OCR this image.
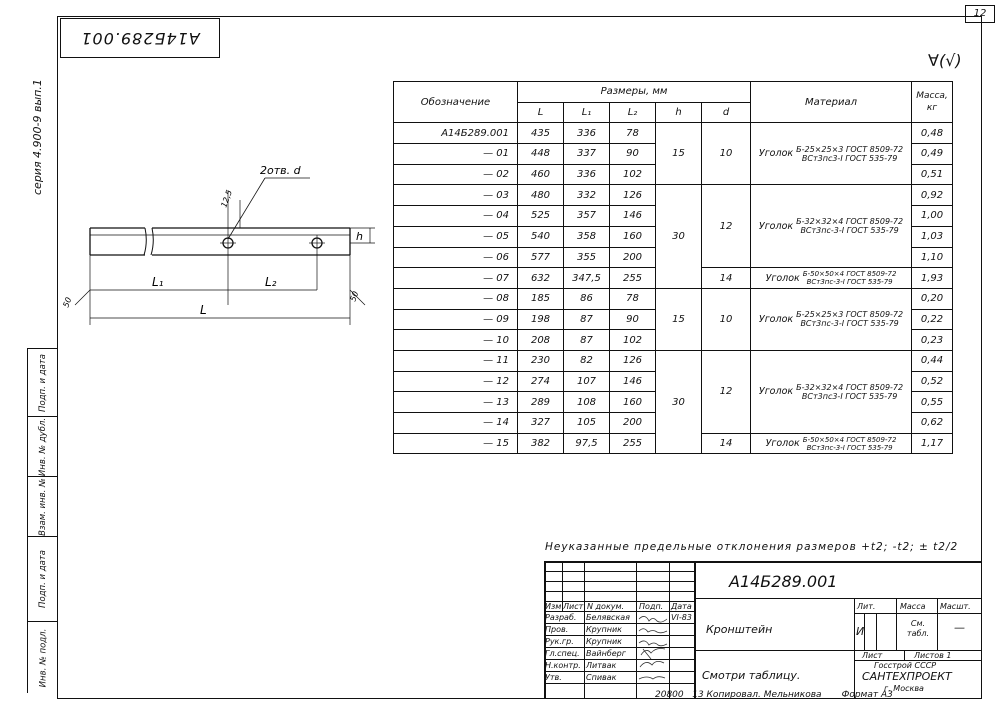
12
А14Б289.001
серия 4.900-9 вып.1
Подп. и дата
Инв. № дубл.
Взам. инв. №
Подп. и дата
Инв. № подл.
∀(√)
2отв. d
12,5
h
L₁	L₂
L
50	50
Обозначение	Размеры, мм					Материал	Масса, кг
	L	L₁	L₂	h	d		
А14Б289.001	435	336	78	15	10	Уголок Б-25×25×3 ГОСТ 8509-72
ВСт3пс3-I ГОСТ 535-79	0,48
— 01	448	337	90				0,49
— 02	460	336	102				0,51
— 03	480	332	126	30	12	Уголок Б-32×32×4 ГОСТ 8509-72
ВСт3пс-3-I ГОСТ 535-79	0,92
— 04	525	357	146				1,00
— 05	540	358	160				1,03
— 06	577	355	200				1,10
— 07	632	347,5	255		14	Уголок Б-50×50×4 ГОСТ 8509-72
ВСт3пс-3-I ГОСТ 535-79	1,93
— 08	185	86	78	15	10	Уголок Б-25×25×3 ГОСТ 8509-72
ВСт3пс-3-I ГОСТ 535-79	0,20
— 09	198	87	90				0,22
— 10	208	87	102				0,23
— 11	230	82	126	30	12	Уголок Б-32×32×4 ГОСТ 8509-72
ВСт3пс3-I ГОСТ 535-79	0,44
— 12	274	107	146				0,52
— 13	289	108	160				0,55
— 14	327	105	200				0,62
— 15	382	97,5	255		14	Уголок Б-50×50×4 ГОСТ 8509-72
ВСт3пс-3-I ГОСТ 535-79	1,17
Неуказанные предельные отклонения размеров +t2; -t2; ± t2/2
Изм Лист N докум. Подп. Дата
Разраб.
Пров.
Рук.гр.
Гл.спец.
Н.контр.
Утв.
Белявская
Крупник
Крупник
Вайнберг
Литвак
Спивак
VI-83
А14Б289.001
Кронштейн
Лит.	Масса Масшт.
И
См. табл.	—
Лист	Листов 1
Смотри таблицу.
Госстрой СССР
САНТЕХПРОЕКТ
г. Москва
20800 13 Копировал. Мельникова Формат А3
